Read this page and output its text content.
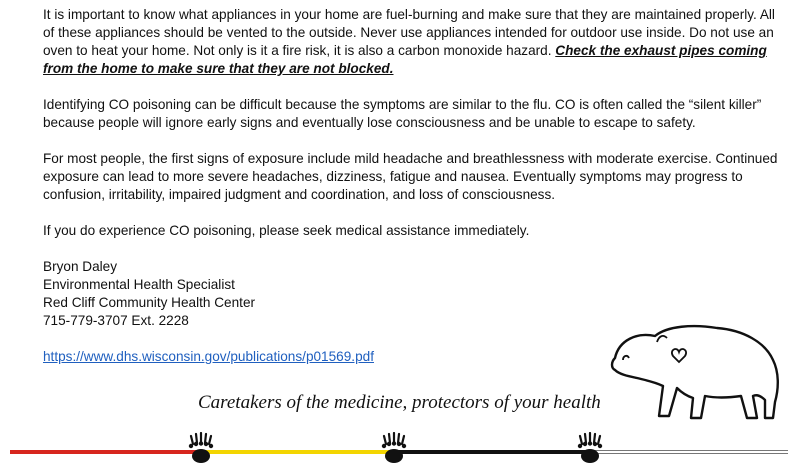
It is important to know what appliances in your home are fuel-burning and make sure that they are maintained properly. All of these appliances should be vented to the outside. Never use appliances intended for outdoor use inside. Do not use an oven to heat your home. Not only is it a fire risk, it is also a carbon monoxide hazard. Check the exhaust pipes coming from the home to make sure that they are not blocked.

Identifying CO poisoning can be difficult because the symptoms are similar to the flu. CO is often called the “silent killer” because people will ignore early signs and eventually lose consciousness and be unable to escape to safety.

For most people, the first signs of exposure include mild headache and breathlessness with moderate exercise. Continued exposure can lead to more severe headaches, dizziness, fatigue and nausea. Eventually symptoms may progress to confusion, irritability, impaired judgment and coordination, and loss of consciousness.

If you do experience CO poisoning, please seek medical assistance immediately.

Bryon Daley
Environmental Health Specialist
Red Cliff Community Health Center
715-779-3707 Ext. 2228
https://www.dhs.wisconsin.gov/publications/p01569.pdf
Caretakers of the medicine, protectors of your health
